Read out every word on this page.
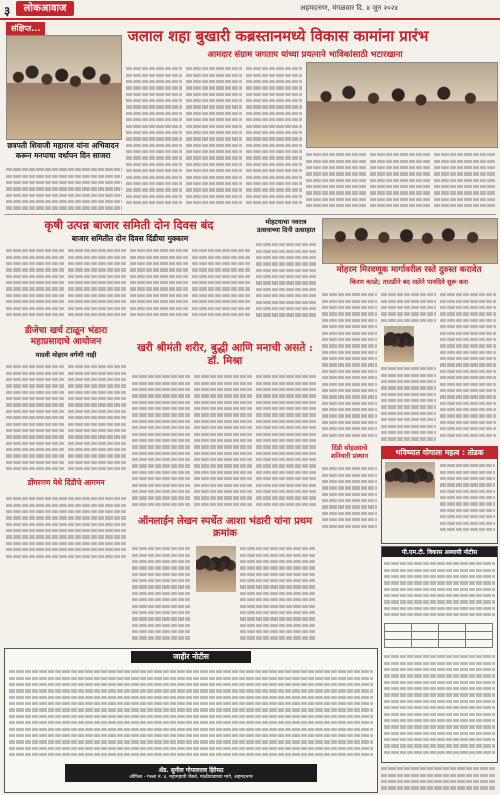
३	लोकआवाज	अहमदनगर, मंगळवार दि. ४ जून २०२४
संक्षिप्त...	जलाल शहा बुखारी कब्रस्तानमध्ये विकास कामांना प्रारंभ
आमदार संग्राम जगताप यांच्या प्रयत्नाने भाविकांसाठी भटारखाना
छत्रपती शिवाजी महाराज यांना अभिवादन करून मनपाचा वर्धापन दिन साजरा
कृषी उत्पन्न बाजार समिती दोन दिवस बंद
बाजार समितीत दोन दिवस दिंडीचा मुक्काम
मोहटयाचा नवरात्र उत्सवाच्या दिनी उत्साहात
मोहरम मिरवणूक मार्गावरील रस्ते दुरुस्त करावेत
किरण काळे; तातडीने बद रस्तेने पावदिवे सुरू करा
डीजेचा खर्च टाळून भंडारा महाप्रसादाचे आयोजन
यादवी मोहरम वर्गणी नाही
खरी श्रीमंती शरीर, बुद्धी आणि मनाची असते : डॉ. मिश्रा
दिंडी सोहळ्याचे शनिवारी प्रस्थान	भविष्यात योगाला महत्व : तोडक
डोंगरगण येथे दिंडीचे आगमन
ऑनलाईन लेखन स्पर्धेत आशा भंडारी यांना प्रथम क्रमांक
पी.एम.टी. विकास अस्थायी नोटीस

जाहीर नोटीस
ॲड. सुनील गोपालराव हिरेमठ
ऑफिस - गल्ला नं. ४, महामहावी चेंबर्स, माळीवाडाच्या मागे, अहमदनगर
